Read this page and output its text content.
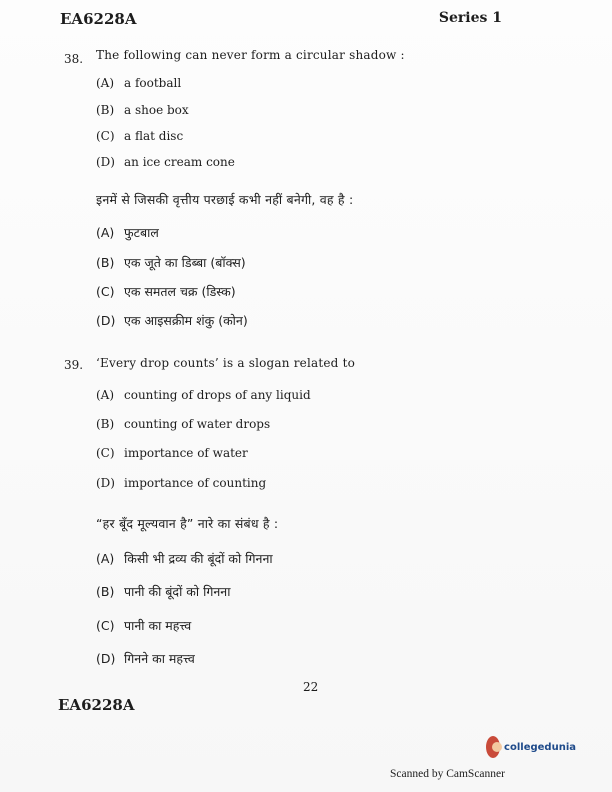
EA6228A	Series 1
38. The following can never form a circular shadow :
(A) a football
(B) a shoe box
(C) a flat disc
(D) an ice cream cone
इनमें से जिसकी वृत्तीय परछाई कभी नहीं बनेगी, वह है :
(A) फुटबाल
(B) एक जूते का डिब्बा (बॉक्स)
(C) एक समतल चक्र (डिस्क)
(D) एक आइसक्रीम शंकु (कोन)
39. ‘Every drop counts’ is a slogan related to
(A) counting of drops of any liquid
(B) counting of water drops
(C) importance of water
(D) importance of counting
“हर बूँद मूल्यवान है” नारे का संबंध है :
(A) किसी भी द्रव्य की बूंदों को गिनना
(B) पानी की बूंदों को गिनना
(C) पानी का महत्त्व
(D) गिनने का महत्त्व
22
EA6228A
collegedunia
Scanned by CamScanner
